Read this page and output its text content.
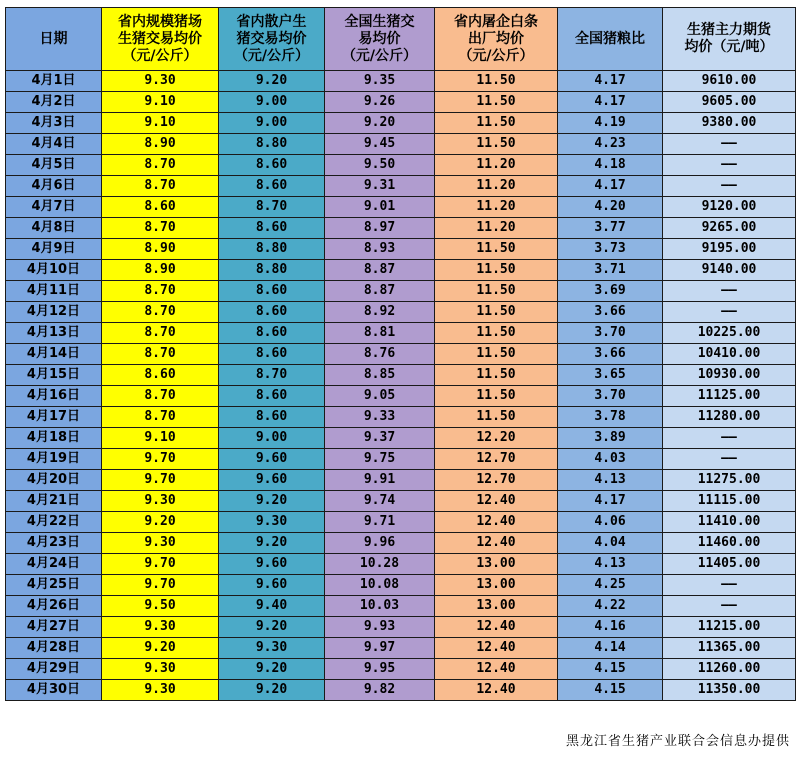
日期	省内规模猪场
生猪交易均价
（元/公斤）	省内散户生
猪交易均价
（元/公斤）	全国生猪交
易均价
（元/公斤）	省内屠企白条
出厂均价
（元/公斤）	全国猪粮比	生猪主力期货
均价（元/吨）

4月1日	9.30	9.20	9.35	11.50	4.17	9610.00
4月2日	9.10	9.00	9.26	11.50	4.17	9605.00
4月3日	9.10	9.00	9.20	11.50	4.19	9380.00
4月4日	8.90	8.80	9.45	11.50	4.23	——
4月5日	8.70	8.60	9.50	11.20	4.18	——
4月6日	8.70	8.60	9.31	11.20	4.17	——
4月7日	8.60	8.70	9.01	11.20	4.20	9120.00
4月8日	8.70	8.60	8.97	11.20	3.77	9265.00
4月9日	8.90	8.80	8.93	11.50	3.73	9195.00
4月10日	8.90	8.80	8.87	11.50	3.71	9140.00
4月11日	8.70	8.60	8.87	11.50	3.69	——
4月12日	8.70	8.60	8.92	11.50	3.66	——
4月13日	8.70	8.60	8.81	11.50	3.70	10225.00
4月14日	8.70	8.60	8.76	11.50	3.66	10410.00
4月15日	8.60	8.70	8.85	11.50	3.65	10930.00
4月16日	8.70	8.60	9.05	11.50	3.70	11125.00
4月17日	8.70	8.60	9.33	11.50	3.78	11280.00
4月18日	9.10	9.00	9.37	12.20	3.89	——
4月19日	9.70	9.60	9.75	12.70	4.03	——
4月20日	9.70	9.60	9.91	12.70	4.13	11275.00
4月21日	9.30	9.20	9.74	12.40	4.17	11115.00
4月22日	9.20	9.30	9.71	12.40	4.06	11410.00
4月23日	9.30	9.20	9.96	12.40	4.04	11460.00
4月24日	9.70	9.60	10.28	13.00	4.13	11405.00
4月25日	9.70	9.60	10.08	13.00	4.25	——
4月26日	9.50	9.40	10.03	13.00	4.22	——
4月27日	9.30	9.20	9.93	12.40	4.16	11215.00
4月28日	9.20	9.30	9.97	12.40	4.14	11365.00
4月29日	9.30	9.20	9.95	12.40	4.15	11260.00
4月30日	9.30	9.20	9.82	12.40	4.15	11350.00
黑龙江省生猪产业联合会信息办提供
